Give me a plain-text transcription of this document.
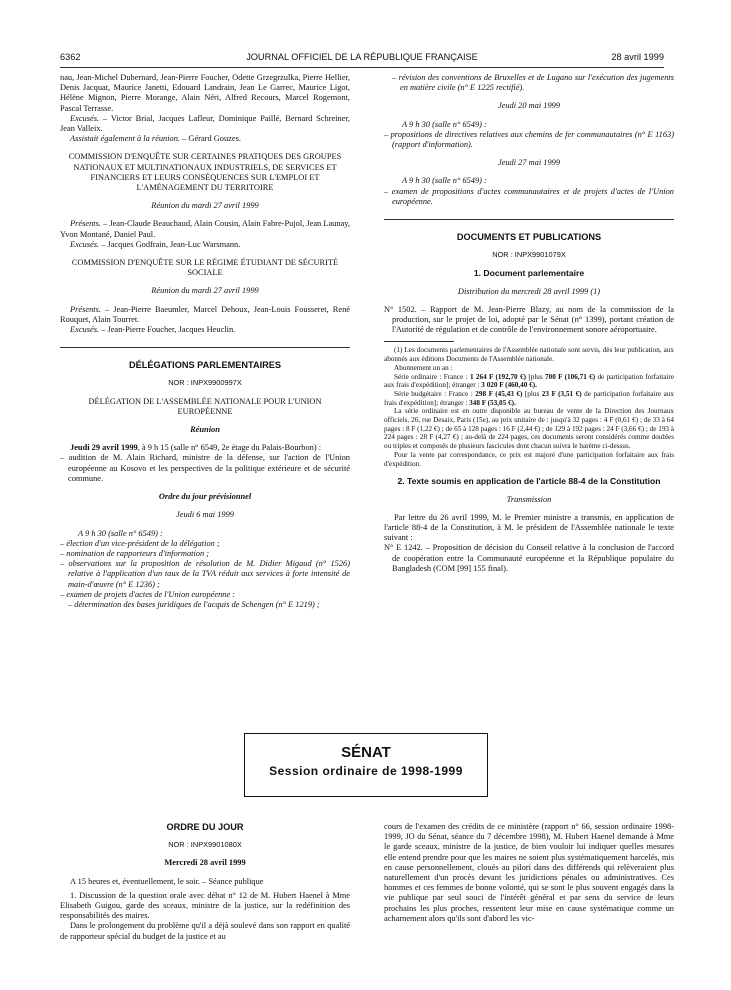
6362	JOURNAL OFFICIEL DE LA RÉPUBLIQUE FRANÇAISE	28 avril 1999

nau, Jean-Michel Dubernard, Jean-Pierre Foucher, Odette Grzegrzulka, Pierre Hellier, Denis Jacquat, Maurice Janetti, Edouard Landrain, Jean Le Garrec, Maurice Ligot, Hélène Mignon, Pierre Morange, Alain Néri, Alfred Recours, Marcel Rogemont, Pascal Terrasse.

Excusés. – Victor Brial, Jacques Lafleur, Dominique Paillé, Bernard Schreiner, Jean Valleix.

Assistait également à la réunion. – Gérard Gouzes.

COMMISSION D'ENQUÊTE SUR CERTAINES PRATIQUES DES GROUPES NATIONAUX ET MULTINATIONAUX INDUSTRIELS, DE SERVICES ET FINANCIERS ET LEURS CONSÉQUENCES SUR L'EMPLOI ET L'AMÉNAGEMENT DU TERRITOIRE

Réunion du mardi 27 avril 1999

Présents. – Jean-Claude Beauchaud, Alain Cousin, Alain Fabre-Pujol, Jean Launay, Yvon Montané, Daniel Paul.

Excusés. – Jacques Godfrain, Jean-Luc Warsmann.

COMMISSION D'ENQUÊTE SUR LE RÉGIME ÉTUDIANT DE SÉCURITÉ SOCIALE

Réunion du mardi 27 avril 1999

Présents. – Jean-Pierre Baeumler, Marcel Dehoux, Jean-Louis Fousseret, René Rouquet, Alain Tourret.

Excusés. – Jean-Pierre Foucher, Jacques Heuclin.

DÉLÉGATIONS PARLEMENTAIRES

NOR : INPX9900997X

DÉLÉGATION DE L'ASSEMBLÉE NATIONALE POUR L'UNION EUROPÉENNE

Réunion

Jeudi 29 avril 1999, à 9 h 15 (salle n° 6549, 2e étage du Palais-Bourbon) :

– audition de M. Alain Richard, ministre de la défense, sur l'action de l'Union européenne au Kosovo et les perspectives de la politique extérieure et de sécurité commune.

Ordre du jour prévisionnel

Jeudi 6 mai 1999

A 9 h 30 (salle n° 6549) :

– élection d'un vice-président de la délégation ;

– nomination de rapporteurs d'information ;

– observations sur la proposition de résolution de M. Didier Migaud (n° 1526) relative à l'application d'un taux de la TVA réduit aux services à forte intensité de main-d'œuvre (n° E 1236) ;

– examen de projets d'actes de l'Union européenne :

– détermination des bases juridiques de l'acquis de Schengen (n° E 1219) ;

– révision des conventions de Bruxelles et de Lugano sur l'exécution des jugements en matière civile (n° E 1225 rectifié).

Jeudi 20 mai 1999

A 9 h 30 (salle n° 6549) :

– propositions de directives relatives aux chemins de fer communautaires (n° E 1163) (rapport d'information).

Jeudi 27 mai 1999

A 9 h 30 (salle n° 6549) :

– examen de propositions d'actes communautaires et de projets d'actes de l'Union européenne.

DOCUMENTS ET PUBLICATIONS

NOR : INPX9901079X

1. Document parlementaire

Distribution du mercredi 28 avril 1999 (1)

N° 1502. – Rapport de M. Jean-Pierre Blazy, au nom de la commission de la production, sur le projet de loi, adopté par le Sénat (n° 1399), portant création de l'Autorité de régulation et de contrôle de l'environnement sonore aéroportuaire.

(1) Les documents parlementaires de l'Assemblée nationale sont servis, dès leur publication, aux abonnés aux éditions Documents de l'Assemblée nationale.

Abonnement un an :

Série ordinaire : France : 1 264 F (192,70 €) [plus 700 F (106,71 €) de participation forfaitaire aux frais d'expédition]; étranger : 3 020 F (460,40 €).

Série budgétaire : France : 298 F (45,43 €) [plus 23 F (3,51 €) de participation forfaitaire aux frais d'expédition]; étranger : 348 F (53,05 €).

La série ordinaire est en outre disponible au bureau de vente de la Direction des Journaux officiels, 26, rue Desaix, Paris (15e), au prix unitaire de : jusqu'à 32 pages : 4 F (0,61 €) ; de 33 à 64 pages : 8 F (1,22 €) ; de 65 à 128 pages : 16 F (2,44 €) ; de 129 à 192 pages : 24 F (3,66 €) ; de 193 à 224 pages : 28 F (4,27 €) ; au-delà de 224 pages, ces documents seront considérés comme doubles ou triples et composés de plusieurs fascicules dont chacun suivra le barème ci-dessus.

Pour la vente par correspondance, ce prix est majoré d'une participation forfaitaire aux frais d'expédition.

2. Texte soumis en application de l'article 88-4 de la Constitution

Transmission

Par lettre du 26 avril 1999, M. le Premier ministre a transmis, en application de l'article 88-4 de la Constitution, à M. le président de l'Assemblée nationale le texte suivant :

N° E 1242. – Proposition de décision du Conseil relative à la conclusion de l'accord de coopération entre la Communauté européenne et la République populaire du Bangladesh (COM [99] 155 final).

SÉNAT
Session ordinaire de 1998-1999

ORDRE DU JOUR

NOR : INPX9901080X

Mercredi 28 avril 1999

A 15 heures et, éventuellement, le soir. – Séance publique

1. Discussion de la question orale avec débat n° 12 de M. Hubert Haenel à Mme Elisabeth Guigou, garde des sceaux, ministre de la justice, sur la redéfinition des responsabilités des maires.

Dans le prolongement du problème qu'il a déjà soulevé dans son rapport en qualité de rapporteur spécial du budget de la justice et au

cours de l'examen des crédits de ce ministère (rapport n° 66, session ordinaire 1998-1999, JO du Sénat, séance du 7 décembre 1998), M. Hubert Haenel demande à Mme le garde sceaux, ministre de la justice, de bien vouloir lui indiquer quelles mesures elle entend prendre pour que les maires ne soient plus systématiquement harcelés, mis en cause personnellement, cloués au pilori dans des différends qui relèveraient plus naturellement d'un procès devant les juridictions pénales ou administratives. Ces hommes et ces femmes de bonne volonté, qui se sont le plus souvent engagés dans la vie publique par seul souci de l'intérêt général et par sens du service de leurs prochains les plus proches, ressentent leur mise en cause systématique comme un acharnement alors qu'ils sont d'abord les vic-
